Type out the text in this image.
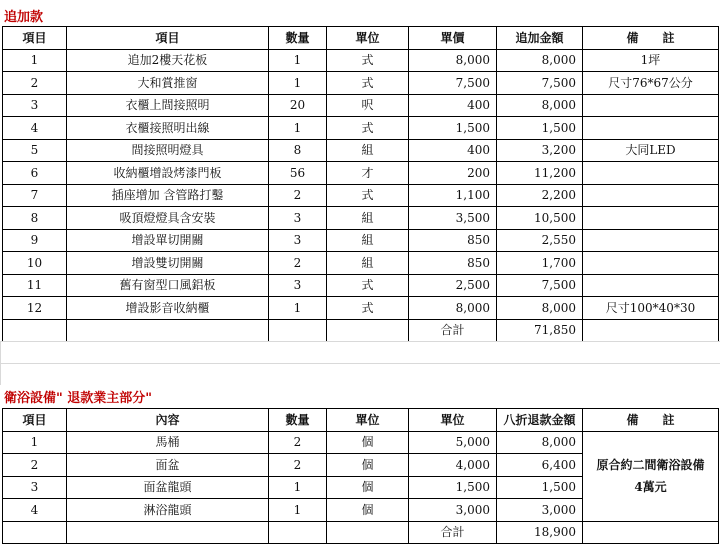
追加款
項目	項目	數量	單位	單價	追加金額	備　　註
1	追加2樓天花板	1	式	8,000	8,000	1坪
2	大和賞推窗	1	式	7,500	7,500	尺寸76*67公分
3	衣櫃上間接照明	20	呎	400	8,000	
4	衣櫃接照明出線	1	式	1,500	1,500	
5	間接照明燈具	8	組	400	3,200	大同LED
6	收納櫃增設烤漆門板	56	才	200	11,200	
7	插座增加 含管路打鑿	2	式	1,100	2,200	
8	吸頂燈燈具含安裝	3	組	3,500	10,500	
9	增設單切開關	3	組	850	2,550	
10	增設雙切開關	2	組	850	1,700	
11	舊有窗型口風鋁板	3	式	2,500	7,500	
12	增設影音收納櫃	1	式	8,000	8,000	尺寸100*40*30
				合計	71,850	
衛浴設備" 退款業主部分"
項目	內容	數量	單位	單位	八折退款金額	備　　註
1	馬桶	2	個	5,000	8,000	原合約二間衛浴設備
4萬元

2	面盆	2	個	4,000	6,400	
3	面盆龍頭	1	個	1,500	1,500	
4	淋浴龍頭	1	個	3,000	3,000	
				合計	18,900	
